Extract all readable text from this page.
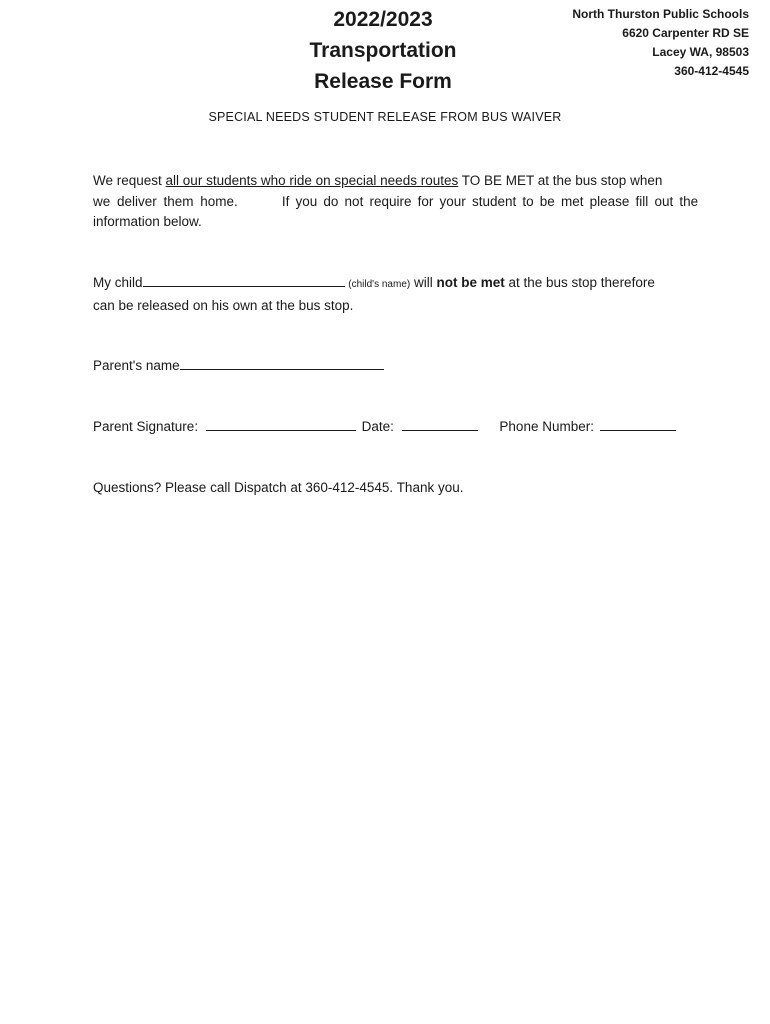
2022/2023
Transportation
Release Form
North Thurston Public Schools
6620 Carpenter RD SE
Lacey WA, 98503
360-412-4545
SPECIAL NEEDS STUDENT RELEASE FROM BUS WAIVER
We request all our students who ride on special needs routes TO BE MET at the bus stop when
we deliver them home.	If you do not require for your student to be met please fill out the
information below.
My child	(child's name) will not be met at the bus stop therefore
can be released on his own at the bus stop.
Parent's name
Parent Signature:	Date:	Phone Number:
Questions? Please call Dispatch at 360-412-4545. Thank you.
